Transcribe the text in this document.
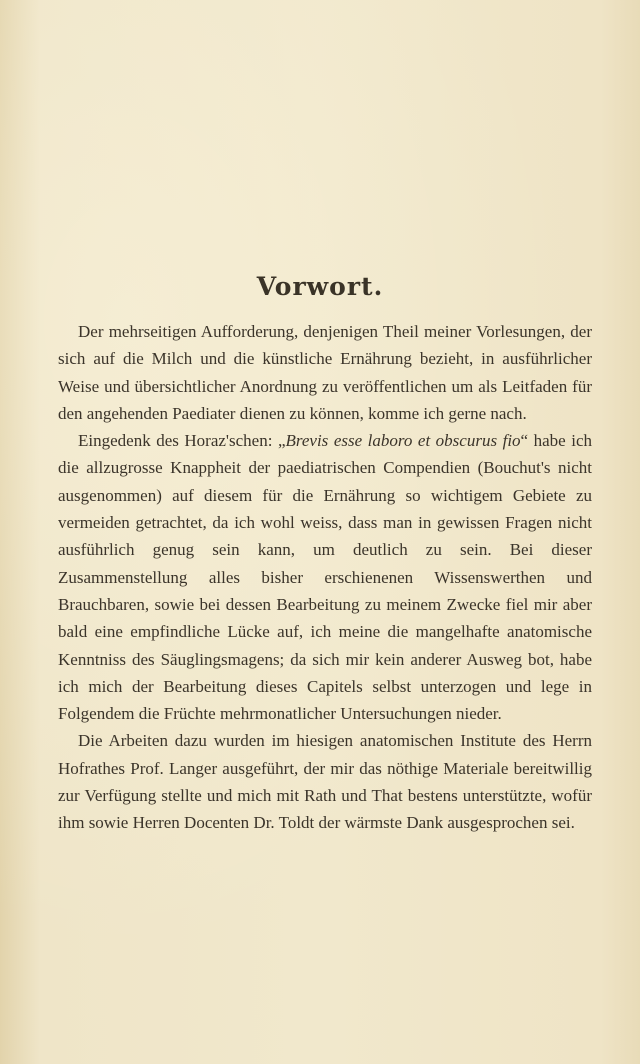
Vorwort.

Der mehrseitigen Aufforderung, denjenigen Theil meiner Vorlesungen, der sich auf die Milch und die künstliche Ernährung bezieht, in ausführlicher Weise und übersichtlicher Anordnung zu veröffentlichen um als Leitfaden für den angehenden Paediater dienen zu können, komme ich gerne nach.

Eingedenk des Horaz'schen: „Brevis esse laboro et obscurus fio“ habe ich die allzugrosse Knappheit der paediatrischen Compendien (Bouchut's nicht ausgenommen) auf diesem für die Ernährung so wichtigem Gebiete zu vermeiden getrachtet, da ich wohl weiss, dass man in gewissen Fragen nicht ausführlich genug sein kann, um deutlich zu sein. Bei dieser Zusammenstellung alles bisher erschienenen Wissenswerthen und Brauchbaren, sowie bei dessen Bearbeitung zu meinem Zwecke fiel mir aber bald eine empfindliche Lücke auf, ich meine die mangelhafte anatomische Kenntniss des Säuglingsmagens; da sich mir kein anderer Ausweg bot, habe ich mich der Bearbeitung dieses Capitels selbst unterzogen und lege in Folgendem die Früchte mehrmonatlicher Untersuchungen nieder.

Die Arbeiten dazu wurden im hiesigen anatomischen Institute des Herrn Hofrathes Prof. Langer ausgeführt, der mir das nöthige Materiale bereitwillig zur Verfügung stellte und mich mit Rath und That bestens unterstützte, wofür ihm sowie Herren Docenten Dr. Toldt der wärmste Dank ausgesprochen sei.
